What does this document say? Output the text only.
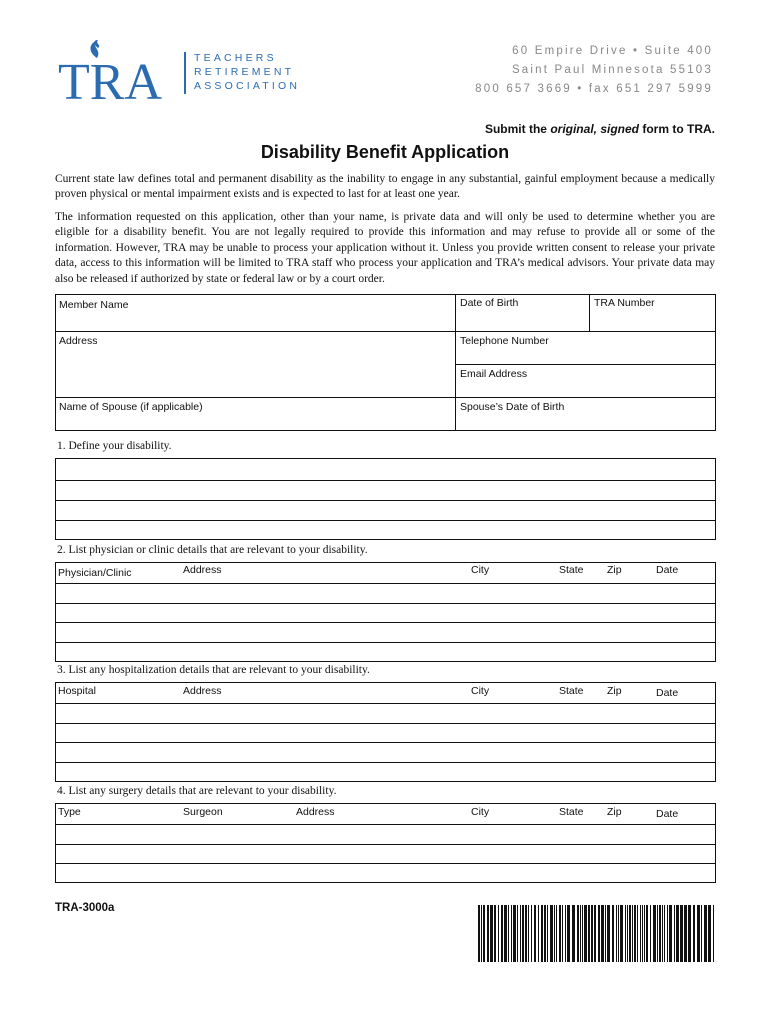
TRA	TEACHERS
RETIREMENT
ASSOCIATION
60 Empire Drive • Suite 400
Saint Paul Minnesota 55103
800 657 3669 • fax 651 297 5999
Submit the original, signed form to TRA.
Disability Benefit Application
Current state law defines total and permanent disability as the inability to engage in any substantial, gainful employment because a medically proven physical or mental impairment exists and is expected to last for at least one year.
The information requested on this application, other than your name, is private data and will only be used to determine whether you are eligible for a disability benefit. You are not legally required to provide this information and may refuse to provide all or some of the information. However, TRA may be unable to process your application without it. Unless you provide written consent to release your private data, access to this information will be limited to TRA staff who process your application and TRA’s medical advisors. Your private data may also be released if authorized by state or federal law or by a court order.
Member Name	Date of Birth	TRA Number
Address	Telephone Number
Email Address
Name of Spouse (if applicable)	Spouse’s Date of Birth
1. Define your disability.
2. List physician or clinic details that are relevant to your disability.
Physician/Clinic	Address	City	State Zip	Date
3. List any hospitalization details that are relevant to your disability.
Hospital	Address	City	State Zip	Date
4. List any surgery details that are relevant to your disability.
Type	Surgeon	Address	City	State Zip	Date
TRA-3000a
